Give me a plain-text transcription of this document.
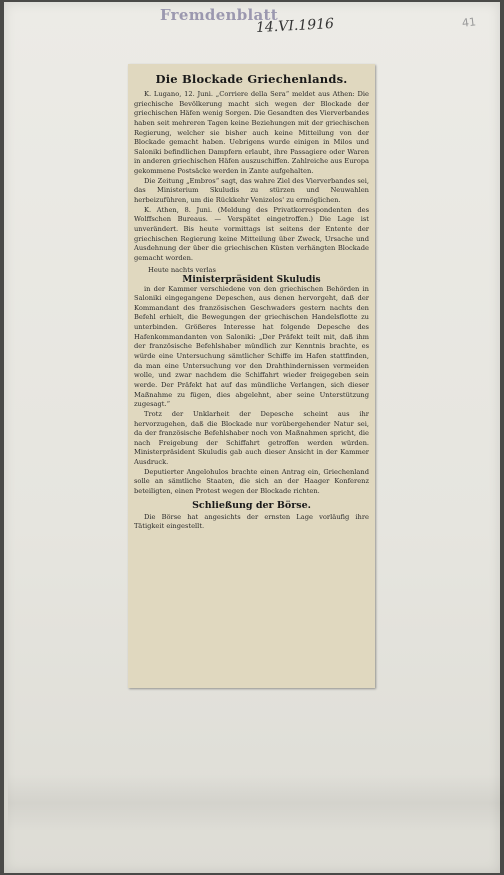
Fremdenblatt
14.VI.1916	41
Die Blockade Griechenlands.

K. Lugano, 12. Juni. „Corriere della Sera“ meldet aus Athen: Die griechische Bevölkerung macht sich wegen der Blockade der griechischen Häfen wenig Sorgen. Die Gesandten des Vierverbandes haben seit mehreren Tagen keine Beziehungen mit der griechischen Regierung, welcher sie bisher auch keine Mitteilung von der Blockade gemacht haben. Uebrigens wurde einigen in Milos und Saloniki befindlichen Dampfern erlaubt, ihre Passagiere oder Waren in anderen griechischen Häfen auszuschiffen. Zahlreiche aus Europa gekommene Postsäcke werden in Zante aufgehalten.

Die Zeitung „Embros“ sagt, das wahre Ziel des Vierverbandes sei, das Ministerium Skuludis zu stürzen und Neuwahlen herbeizuführen, um die Rückkehr Venizelos' zu ermöglichen.

K. Athen, 8. Juni. (Meldung des Privatkorrespondenten des Wolffschen Bureaus. — Verspätet eingetroffen.) Die Lage ist unverändert. Bis heute vormittags ist seitens der Entente der griechischen Regierung keine Mitteilung über Zweck, Ursache und Ausdehnung der über die griechischen Küsten verhängten Blockade gemacht worden.

Heute nachts verlas
Ministerpräsident Skuludis

in der Kammer verschiedene von den griechischen Behörden in Saloniki eingegangene Depeschen, aus denen hervorgeht, daß der Kommandant des französischen Geschwaders gestern nachts den Befehl erhielt, die Bewegungen der griechischen Handelsflotte zu unterbinden. Größeres Interesse hat folgende Depesche des Hafenkommandanten von Saloniki: „Der Präfekt teilt mit, daß ihm der französische Befehlshaber mündlich zur Kenntnis brachte, es würde eine Untersuchung sämtlicher Schiffe im Hafen stattfinden, da man eine Untersuchung vor den Drahthindernissen vermeiden wolle, und zwar nachdem die Schiffahrt wieder freigegeben sein werde. Der Präfekt hat auf das mündliche Verlangen, sich dieser Maßnahme zu fügen, dies abgelehnt, aber seine Unterstützung zugesagt.“

Trotz der Unklarheit der Depesche scheint aus ihr hervorzugehen, daß die Blockade nur vorübergehender Natur sei, da der französische Befehlshaber noch von Maßnahmen spricht, die nach Freigebung der Schiffahrt getroffen werden würden. Ministerpräsident Skuludis gab auch dieser Ansicht in der Kammer Ausdruck.

Deputierter Angelohulos brachte einen Antrag ein, Griechenland solle an sämtliche Staaten, die sich an der Haager Konferenz beteiligten, einen Protest wegen der Blockade richten.

Schließung der Börse.

Die Börse hat angesichts der ernsten Lage vorläufig ihre Tätigkeit eingestellt.
